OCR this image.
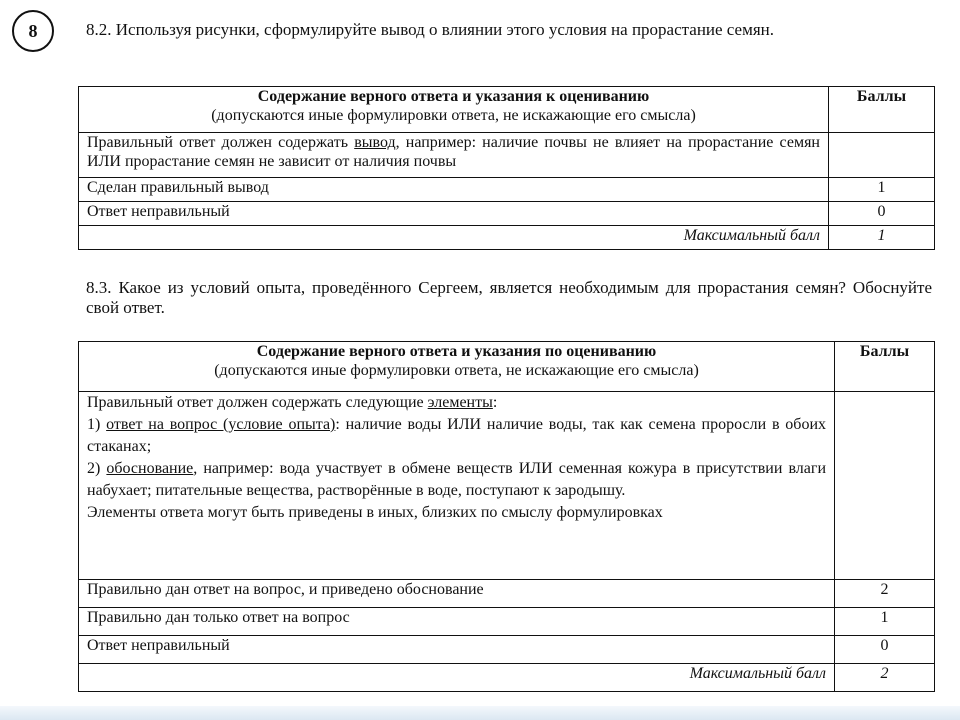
8	8.2. Используя рисунки, сформулируйте вывод о влиянии этого условия на прорастание семян.
Содержание верного ответа и указания к оцениванию
(допускаются иные формулировки ответа, не искажающие его смысла)	Баллы
Правильный ответ должен содержать вывод, например: наличие почвы не влияет на прорастание семян ИЛИ прорастание семян не зависит от наличия почвы	
Сделан правильный вывод	1
Ответ неправильный	0
Максимальный балл	1
8.3. Какое из условий опыта, проведённого Сергеем, является необходимым для прорастания семян? Обоснуйте свой ответ.
Содержание верного ответа и указания по оцениванию
(допускаются иные формулировки ответа, не искажающие его смысла)	Баллы

Правильный ответ должен содержать следующие элементы:
1) ответ на вопрос (условие опыта): наличие воды ИЛИ наличие воды, так как семена проросли в обоих стаканах;
2) обоснование, например: вода участвует в обмене веществ ИЛИ семенная кожура в присутствии влаги набухает; питательные вещества, растворённые в воде, поступают к зародышу.
Элементы ответа могут быть приведены в иных, близких по смыслу формулировках	

Правильно дан ответ на вопрос, и приведено обоснование	2
Правильно дан только ответ на вопрос	1
Ответ неправильный	0
Максимальный балл	2
